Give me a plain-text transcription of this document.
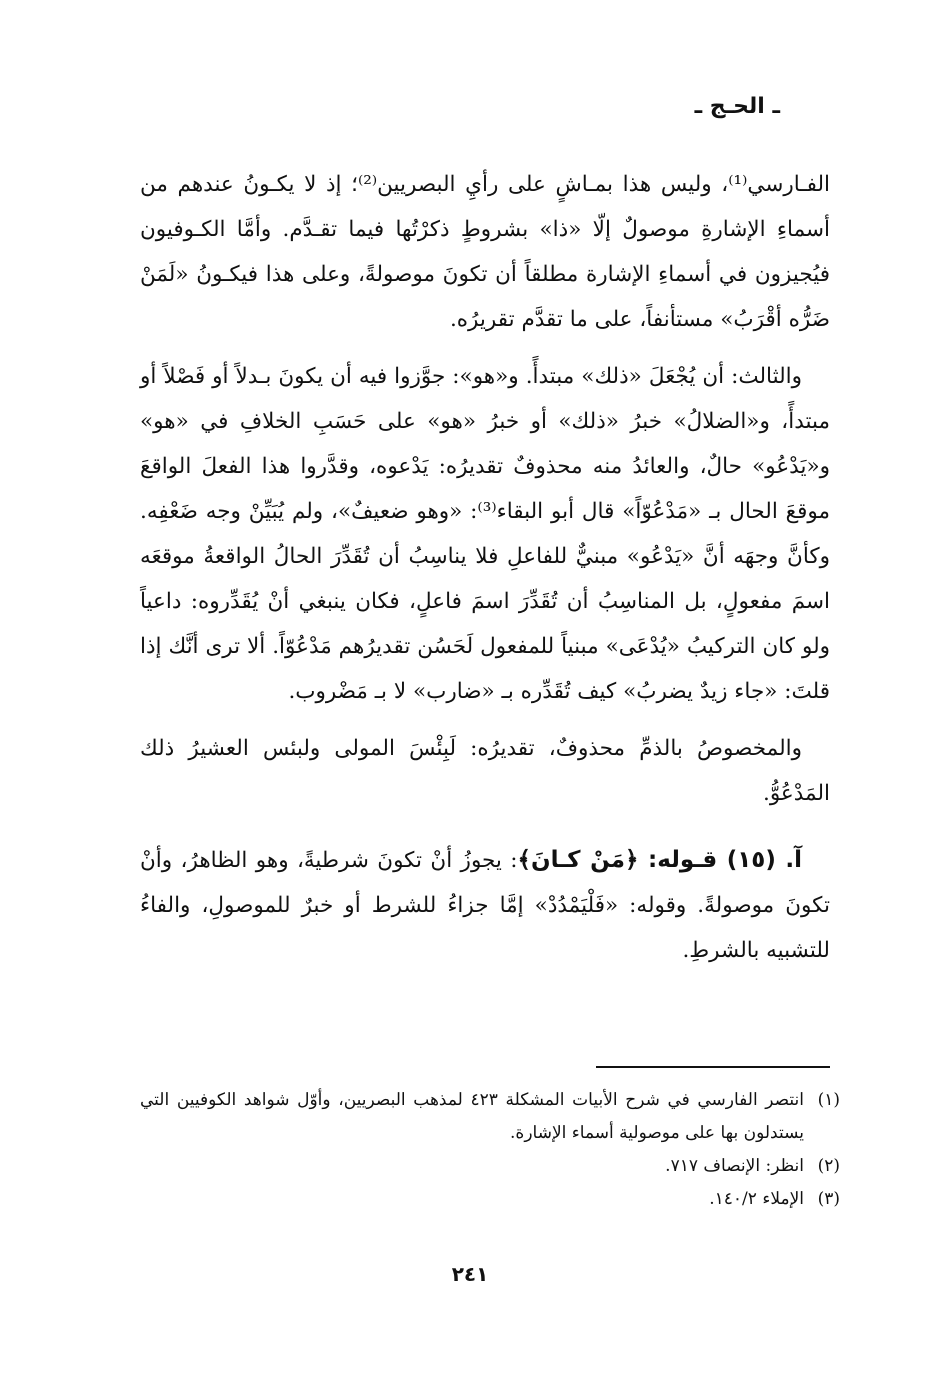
ـ الحـج ـ

الفـارسي⁽¹⁾، وليس هذا بمـاشٍ على رأيِ البصريين⁽²⁾؛ إذ لا يكـونُ عندهم من أسماءِ الإشارةِ موصولٌ إلّا «ذا» بشروطٍ ذكرْتُها فيما تقـدَّم. وأمَّا الكـوفيون فيُجيزون في أسماءِ الإشارة مطلقاً أن تكونَ موصولةً، وعلى هذا فيكـونُ «لَمَنْ ضَرُّه أقْرَبُ» مستأنفاً، على ما تقدَّم تقريرُه.

والثالث: أن يُجْعَلَ «ذلك» مبتدأً. و«هو»: جوَّزوا فيه أن يكونَ بـدلاً أو فَصْلاً أو مبتدأً، و«الضلالُ» خبرُ «ذلك» أو خبرُ «هو» على حَسَبِ الخلافِ في «هو» و«يَدْعُو» حالٌ، والعائدُ منه محذوفٌ تقديرُه: يَدْعوه، وقدَّروا هذا الفعلَ الواقعَ موقعَ الحال بـ «مَدْعُوّاً» قال أبو البقاء⁽³⁾: «وهو ضعيفٌ»، ولم يُبَيِّنْ وجه ضَعْفِه. وكأنَّ وجهَه أنَّ «يَدْعُو» مبنيٌّ للفاعلِ فلا يناسِبُ أن تُقَدِّرَ الحالُ الواقعةُ موقعَه اسمَ مفعولٍ، بل المناسِبُ أن تُقَدِّرَ اسمَ فاعلٍ، فكان ينبغي أنْ يُقَدِّروه: داعياً ولو كان التركيبُ «يُدْعَى» مبنياً للمفعول لَحَسُن تقديرُهم مَدْعُوّاً. ألا ترى أنَّك إذا قلتَ: «جاء زيدٌ يضربُ» كيف تُقَدِّره بـ «ضارب» لا بـ مَضْروب.

والمخصوصُ بالذمِّ محذوفٌ، تقديرُه: لَبِئْسَ المولى ولبئس العشيرُ ذلك المَدْعُوُّ.

آ. (١٥) قـوله: ﴿مَنْ كـانَ﴾: يجوزُ أنْ تكونَ شرطيةً، وهو الظاهرُ، وأنْ تكونَ موصولةً. وقوله: «فَلْيَمْدُدْ» إمَّا جزاءُ للشرط أو خبرٌ للموصولِ، والفاءُ للتشبيه بالشرطِ.

(١)
انتصر الفارسي في شرح الأبيات المشكلة ٤٢٣ لمذهب البصريين، وأوّل شواهد الكوفيين التي يستدلون بها على موصولية أسماء الإشارة.
(٢)
انظر: الإنصاف ٧١٧.
(٣)
الإملاء ١٤٠/٢.
٢٤١
